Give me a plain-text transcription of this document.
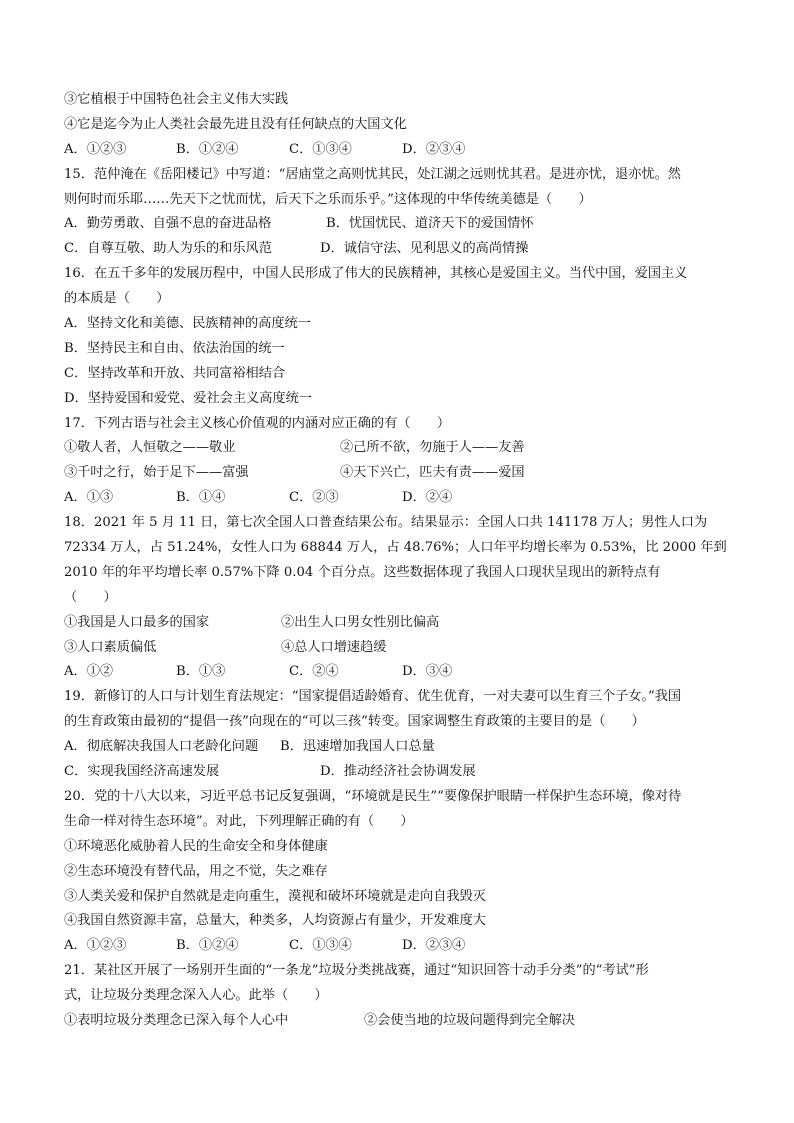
③它植根于中国特色社会主义伟大实践
④它是迄今为止人类社会最先进且没有任何缺点的大国文化
A．①②③	B．①②④	C．①③④	D．②③④
15．范仲淹在《岳阳楼记》中写道：“居庙堂之高则忧其民，处江湖之远则忧其君。是进亦忧，退亦忧。然
则何时而乐耶……先天下之忧而忧，后天下之乐而乐乎。”这体现的中华传统美德是（　　）
A．勤劳勇敢、自强不息的奋进品格	B．忧国忧民、道济天下的爱国情怀
C．自尊互敬、助人为乐的和乐风范	D．诚信守法、见利思义的高尚情操
16．在五千多年的发展历程中，中国人民形成了伟大的民族精神，其核心是爱国主义。当代中国，爱国主义
的本质是（　　）
A．坚持文化和美德、民族精神的高度统一
B．坚持民主和自由、依法治国的统一
C．坚持改革和开放、共同富裕相结合
D．坚持爱国和爱党、爱社会主义高度统一
17．下列古语与社会主义核心价值观的内涵对应正确的有（　　）
①敬人者，人恒敬之——敬业	②己所不欲，勿施于人——友善
③千吋之行，始于足下——富强	④天下兴亡，匹夫有责——爱国
A．①③	B．①④	C．②③	D．②④
18．2021 年 5 月 11 日，第七次全国人口普查结果公布。结果显示：全国人口共 141178 万人；男性人口为
72334 万人，占 51.24%，女性人口为 68844 万人，占 48.76%；人口年平均增长率为 0.53%，比 2000 年到
2010 年的年平均增长率 0.57%下降 0.04 个百分点。这些数据体现了我国人口现状呈现出的新特点有
（　　）
①我国是人口最多的国家	②出生人口男女性别比偏高
③人口素质偏低	④总人口增速趋缓
A．①②	B．①③	C．②④	D．③④
19．新修订的人口与计划生育法规定：“国家提倡适龄婚育、优生优育，一对夫妻可以生育三个子女。”我国
的生育政策由最初的“提倡一孩”向现在的“可以三孩”转变。国家调整生育政策的主要目的是（　　）
A．彻底解决我国人口老龄化问题	B．迅速增加我国人口总量
C．实现我国经济高速发展	D．推动经济社会协调发展
20．党的十八大以来，习近平总书记反复强调，“环境就是民生”“要像保护眼睛一样保护生态环境，像对待
生命一样对待生态环境”。对此，下列理解正确的有（　　）
①环境恶化威胁着人民的生命安全和身体健康
②生态环境没有替代品，用之不觉，失之难存
③人类关爱和保护自然就是走向重生，漠视和破坏环境就是走向自我毁灭
④我国自然资源丰富，总量大，种类多，人均资源占有量少，开发难度大
A．①②③	B．①②④	C．①③④	D．②③④
21．某社区开展了一场别开生面的“一条龙”垃圾分类挑战赛，通过“知识回答十动手分类”的“考试”形
式，让垃圾分类理念深入人心。此举（　　）
①表明垃圾分类理念已深入每个人心中	②会使当地的垃圾问题得到完全解决
